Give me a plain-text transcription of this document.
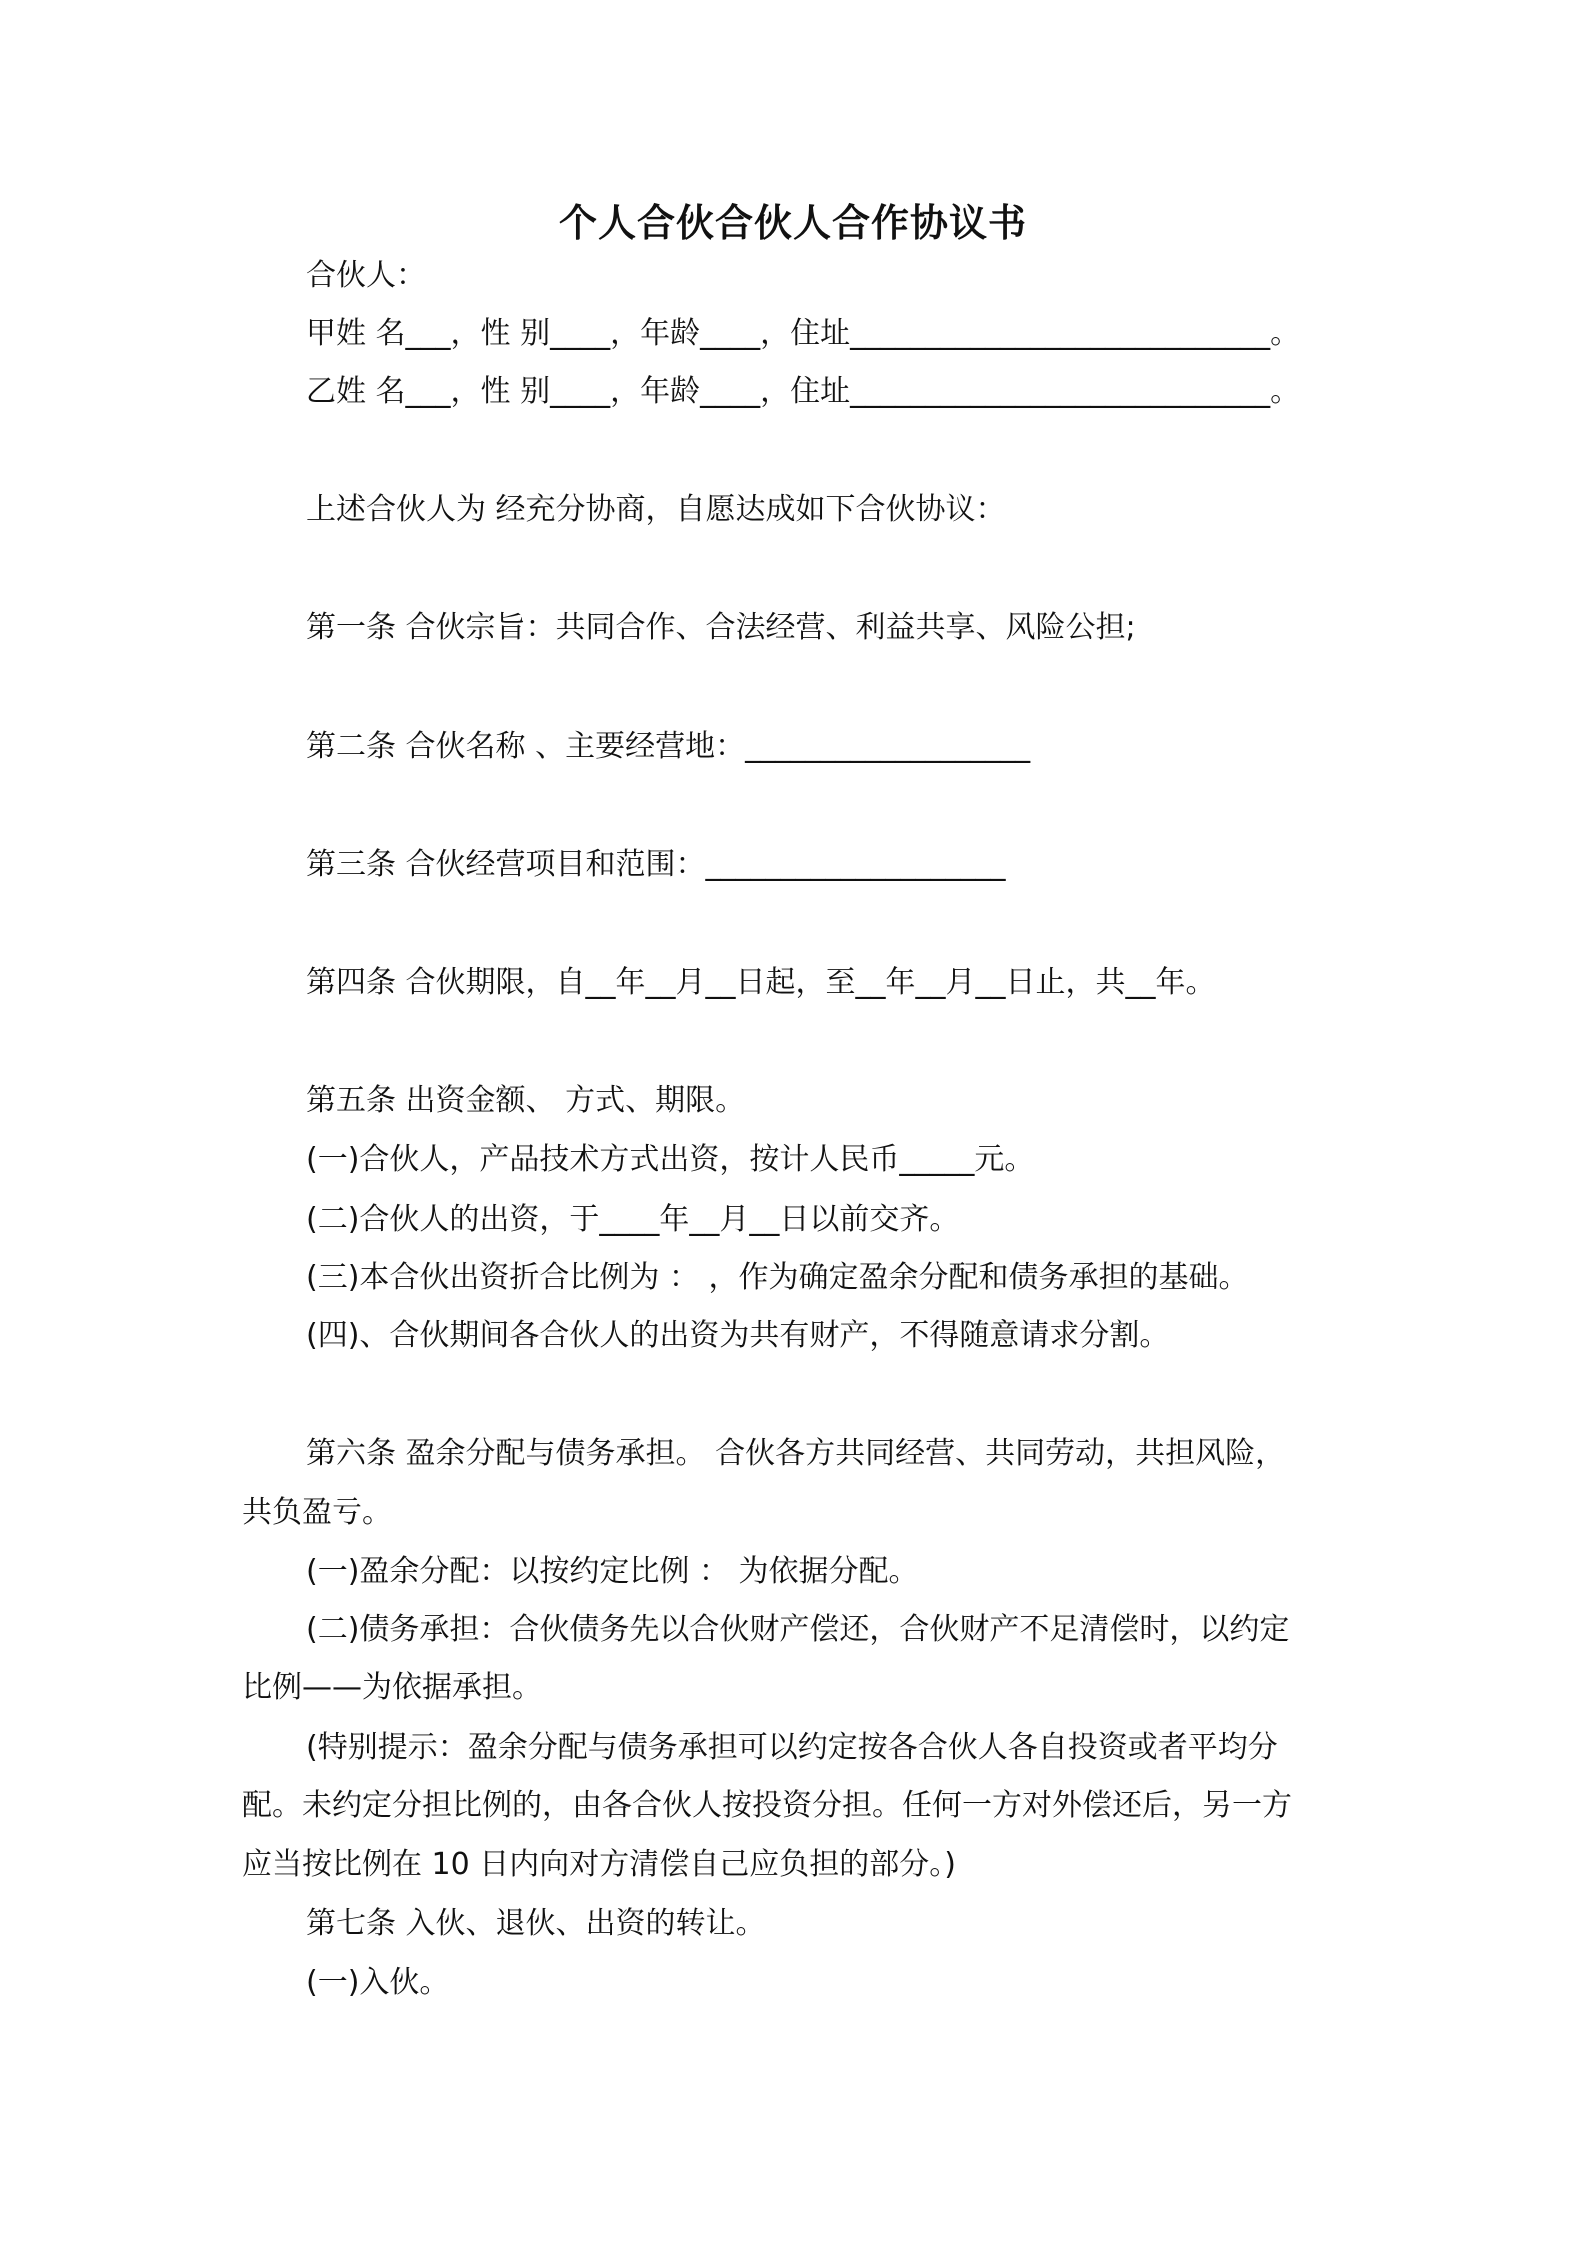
个人合伙合伙人合作协议书
合伙人：
甲姓 名___，性 别____，年龄____，住址____________________________。
乙姓 名___，性 别____，年龄____，住址____________________________。
上述合伙人为 经充分协商，自愿达成如下合伙协议：
第一条 合伙宗旨：共同合作、合法经营、利益共享、风险公担;
第二条 合伙名称 、主要经营地：___________________
第三条 合伙经营项目和范围：____________________
第四条 合伙期限，自__年__月__日起，至__年__月__日止，共__年。
第五条 出资金额、 方式、期限。
(一)合伙人，产品技术方式出资，按计人民币_____元。
(二)合伙人的出资，于____年__月__日以前交齐。
(三)本合伙出资折合比例为 ： ，作为确定盈余分配和债务承担的基础。
(四)、合伙期间各合伙人的出资为共有财产，不得随意请求分割。
第六条 盈余分配与债务承担。 合伙各方共同经营、共同劳动，共担风险，
共负盈亏。
(一)盈余分配：以按约定比例 ： 为依据分配。
(二)债务承担：合伙债务先以合伙财产偿还，合伙财产不足清偿时，以约定
比例——为依据承担。
(特别提示：盈余分配与债务承担可以约定按各合伙人各自投资或者平均分
配。未约定分担比例的，由各合伙人按投资分担。任何一方对外偿还后，另一方
应当按比例在 10 日内向对方清偿自己应负担的部分。)
第七条 入伙、退伙、出资的转让。
(一)入伙。
